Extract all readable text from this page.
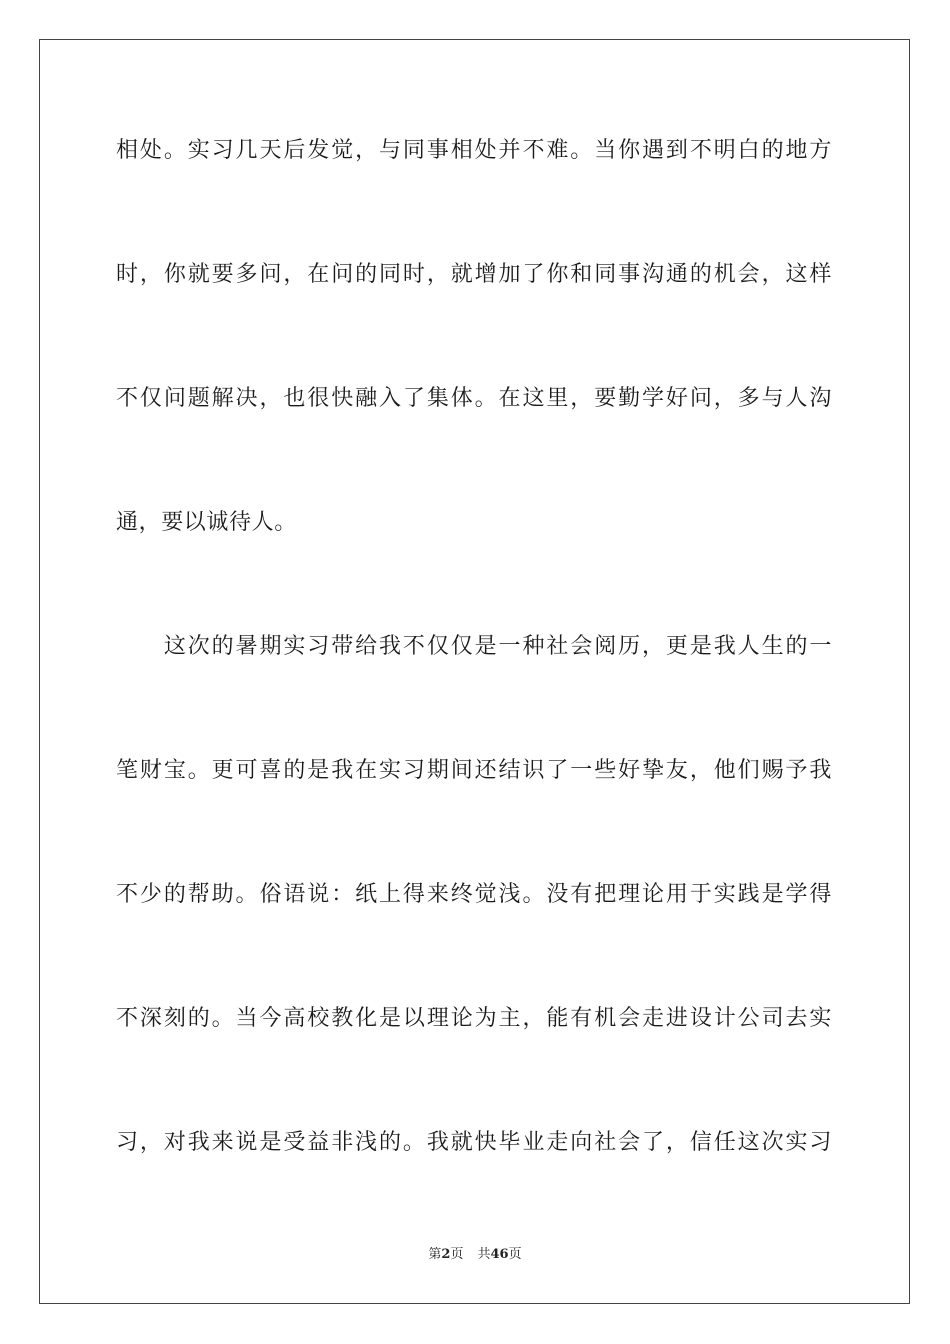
相处。实习几天后发觉，与同事相处并不难。当你遇到不明白的地方
时，你就要多问，在问的同时，就增加了你和同事沟通的机会，这样
不仅问题解决，也很快融入了集体。在这里，要勤学好问，多与人沟
通，要以诚待人。
　　这次的暑期实习带给我不仅仅是一种社会阅历，更是我人生的一
笔财宝。更可喜的是我在实习期间还结识了一些好挚友，他们赐予我
不少的帮助。俗语说：纸上得来终觉浅。没有把理论用于实践是学得
不深刻的。当今高校教化是以理论为主，能有机会走进设计公司去实
习，对我来说是受益非浅的。我就快毕业走向社会了，信任这次实习
第2页 共46页
